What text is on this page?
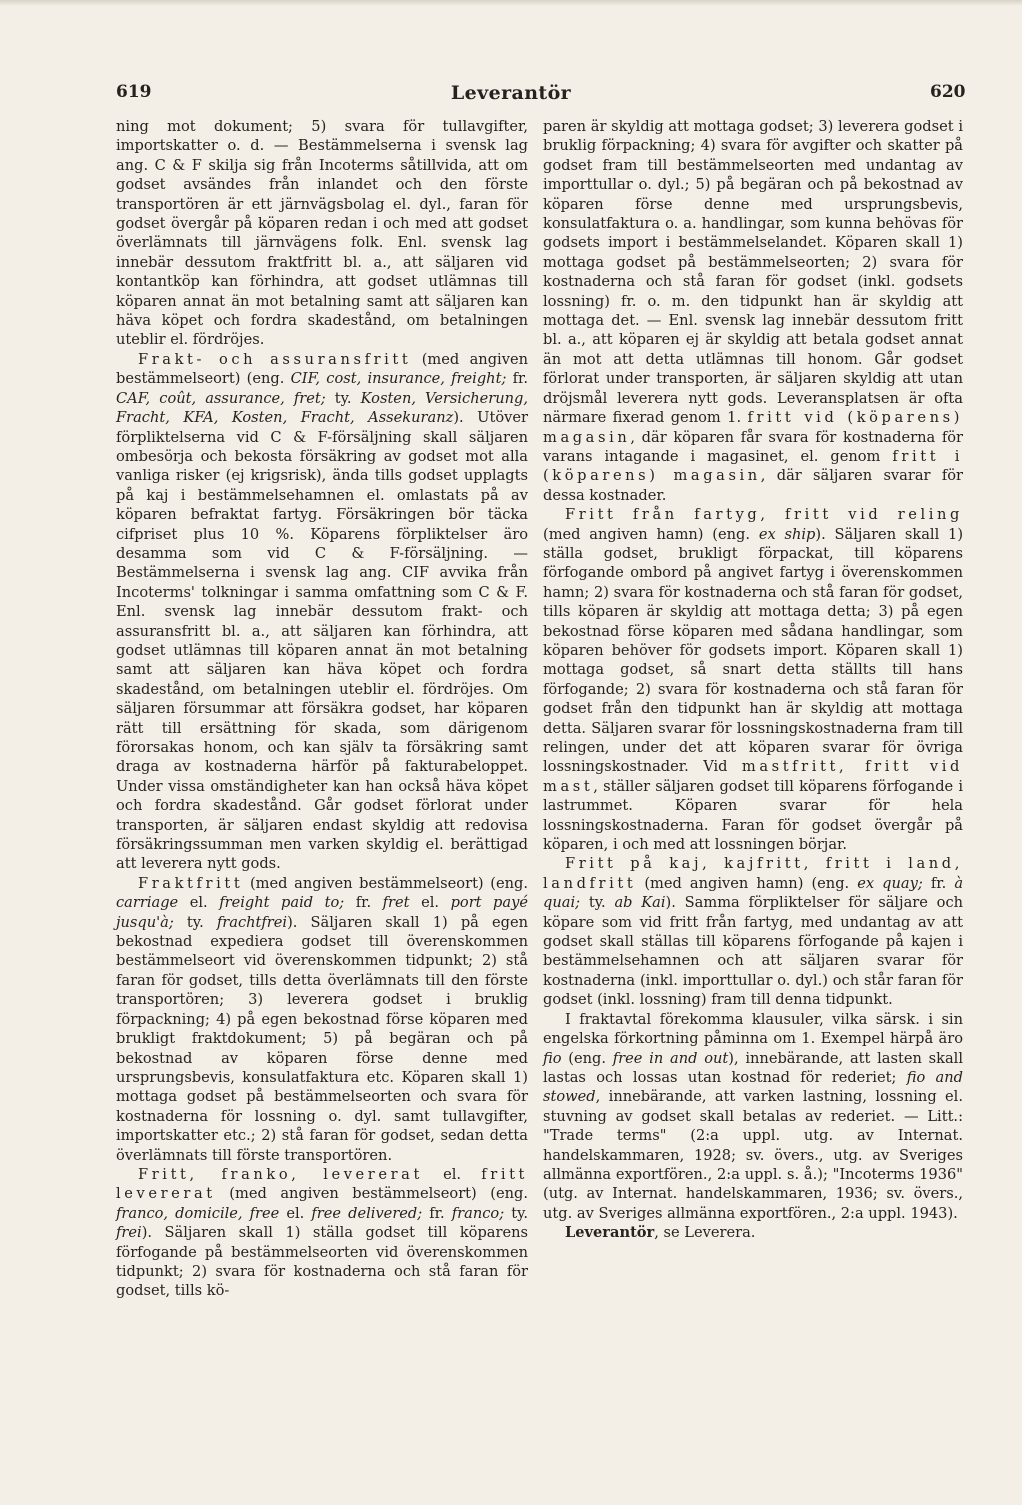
619	Leverantör	620

ning mot dokument; 5) svara för tullavgifter, importskatter o. d. — Bestämmelserna i svensk lag ang. C & F skilja sig från Incoterms såtillvida, att om godset avsändes från inlandet och den förste transportören är ett järnvägsbolag el. dyl., faran för godset övergår på köparen redan i och med att godset överlämnats till järnvägens folk. Enl. svensk lag innebär dessutom fraktfritt bl. a., att säljaren vid kontantköp kan förhindra, att godset utlämnas till köparen annat än mot betalning samt att säljaren kan häva köpet och fordra skadestånd, om betalningen uteblir el. fördröjes.

Frakt- och assuransfritt (med angiven bestämmelseort) (eng. CIF, cost, insurance, freight; fr. CAF, coût, assurance, fret; ty. Kosten, Versicherung, Fracht, KFA, Kosten, Fracht, Assekuranz). Utöver förpliktelserna vid C & F-försäljning skall säljaren ombesörja och bekosta försäkring av godset mot alla vanliga risker (ej krigsrisk), ända tills godset upplagts på kaj i bestämmelsehamnen el. omlastats på av köparen befraktat fartyg. Försäkringen bör täcka cifpriset plus 10 %. Köparens förpliktelser äro desamma som vid C & F-försäljning. — Bestämmelserna i svensk lag ang. CIF avvika från Incoterms' tolkningar i samma omfattning som C & F. Enl. svensk lag innebär dessutom frakt- och assuransfritt bl. a., att säljaren kan förhindra, att godset utlämnas till köparen annat än mot betalning samt att säljaren kan häva köpet och fordra skadestånd, om betalningen uteblir el. fördröjes. Om säljaren försummar att försäkra godset, har köparen rätt till ersättning för skada, som därigenom förorsakas honom, och kan själv ta försäkring samt draga av kostnaderna härför på fakturabeloppet. Under vissa omständigheter kan han också häva köpet och fordra skadestånd. Går godset förlorat under transporten, är säljaren endast skyldig att redovisa försäkringssumman men varken skyldig el. berättigad att leverera nytt gods.

Fraktfritt (med angiven bestämmelseort) (eng. carriage el. freight paid to; fr. fret el. port payé jusqu'à; ty. frachtfrei). Säljaren skall 1) på egen bekostnad expediera godset till överenskommen bestämmelseort vid överenskommen tidpunkt; 2) stå faran för godset, tills detta överlämnats till den förste transportören; 3) leverera godset i bruklig förpackning; 4) på egen bekostnad förse köparen med brukligt fraktdokument; 5) på begäran och på bekostnad av köparen förse denne med ursprungsbevis, konsulatfaktura etc. Köparen skall 1) mottaga godset på bestämmelseorten och svara för kostnaderna för lossning o. dyl. samt tullavgifter, importskatter etc.; 2) stå faran för godset, sedan detta överlämnats till förste transportören.

Fritt, franko, levererat el. fritt levererat (med angiven bestämmelseort) (eng. franco, domicile, free el. free delivered; fr. franco; ty. frei). Säljaren skall 1) ställa godset till köparens förfogande på bestämmelseorten vid överenskommen tidpunkt; 2) svara för kostnaderna och stå faran för godset, tills kö-

paren är skyldig att mottaga godset; 3) leverera godset i bruklig förpackning; 4) svara för avgifter och skatter på godset fram till bestämmelseorten med undantag av importtullar o. dyl.; 5) på begäran och på bekostnad av köparen förse denne med ursprungsbevis, konsulatfaktura o. a. handlingar, som kunna behövas för godsets import i bestämmelselandet. Köparen skall 1) mottaga godset på bestämmelseorten; 2) svara för kostnaderna och stå faran för godset (inkl. godsets lossning) fr. o. m. den tidpunkt han är skyldig att mottaga det. — Enl. svensk lag innebär dessutom fritt bl. a., att köparen ej är skyldig att betala godset annat än mot att detta utlämnas till honom. Går godset förlorat under transporten, är säljaren skyldig att utan dröjsmål leverera nytt gods. Leveransplatsen är ofta närmare fixerad genom 1. fritt vid (köparens) magasin, där köparen får svara för kostnaderna för varans intagande i magasinet, el. genom fritt i (köparens) magasin, där säljaren svarar för dessa kostnader.

Fritt från fartyg, fritt vid reling (med angiven hamn) (eng. ex ship). Säljaren skall 1) ställa godset, brukligt förpackat, till köparens förfogande ombord på angivet fartyg i överenskommen hamn; 2) svara för kostnaderna och stå faran för godset, tills köparen är skyldig att mottaga detta; 3) på egen bekostnad förse köparen med sådana handlingar, som köparen behöver för godsets import. Köparen skall 1) mottaga godset, så snart detta ställts till hans förfogande; 2) svara för kostnaderna och stå faran för godset från den tidpunkt han är skyldig att mottaga detta. Säljaren svarar för lossningskostnaderna fram till relingen, under det att köparen svarar för övriga lossningskostnader. Vid mastfritt, fritt vid mast, ställer säljaren godset till köparens förfogande i lastrummet. Köparen svarar för hela lossningskostnaderna. Faran för godset övergår på köparen, i och med att lossningen börjar.

Fritt på kaj, kajfritt, fritt i land, landfritt (med angiven hamn) (eng. ex quay; fr. à quai; ty. ab Kai). Samma förpliktelser för säljare och köpare som vid fritt från fartyg, med undantag av att godset skall ställas till köparens förfogande på kajen i bestämmelsehamnen och att säljaren svarar för kostnaderna (inkl. importtullar o. dyl.) och står faran för godset (inkl. lossning) fram till denna tidpunkt.

I fraktavtal förekomma klausuler, vilka särsk. i sin engelska förkortning påminna om 1. Exempel härpå äro fio (eng. free in and out), innebärande, att lasten skall lastas och lossas utan kostnad för rederiet; fio and stowed, innebärande, att varken lastning, lossning el. stuvning av godset skall betalas av rederiet. — Litt.: "Trade terms" (2:a uppl. utg. av Internat. handelskammaren, 1928; sv. övers., utg. av Sveriges allmänna exportfören., 2:a uppl. s. å.); "Incoterms 1936" (utg. av Internat. handelskammaren, 1936; sv. övers., utg. av Sveriges allmänna exportfören., 2:a uppl. 1943).

Leverantör, se Leverera.
